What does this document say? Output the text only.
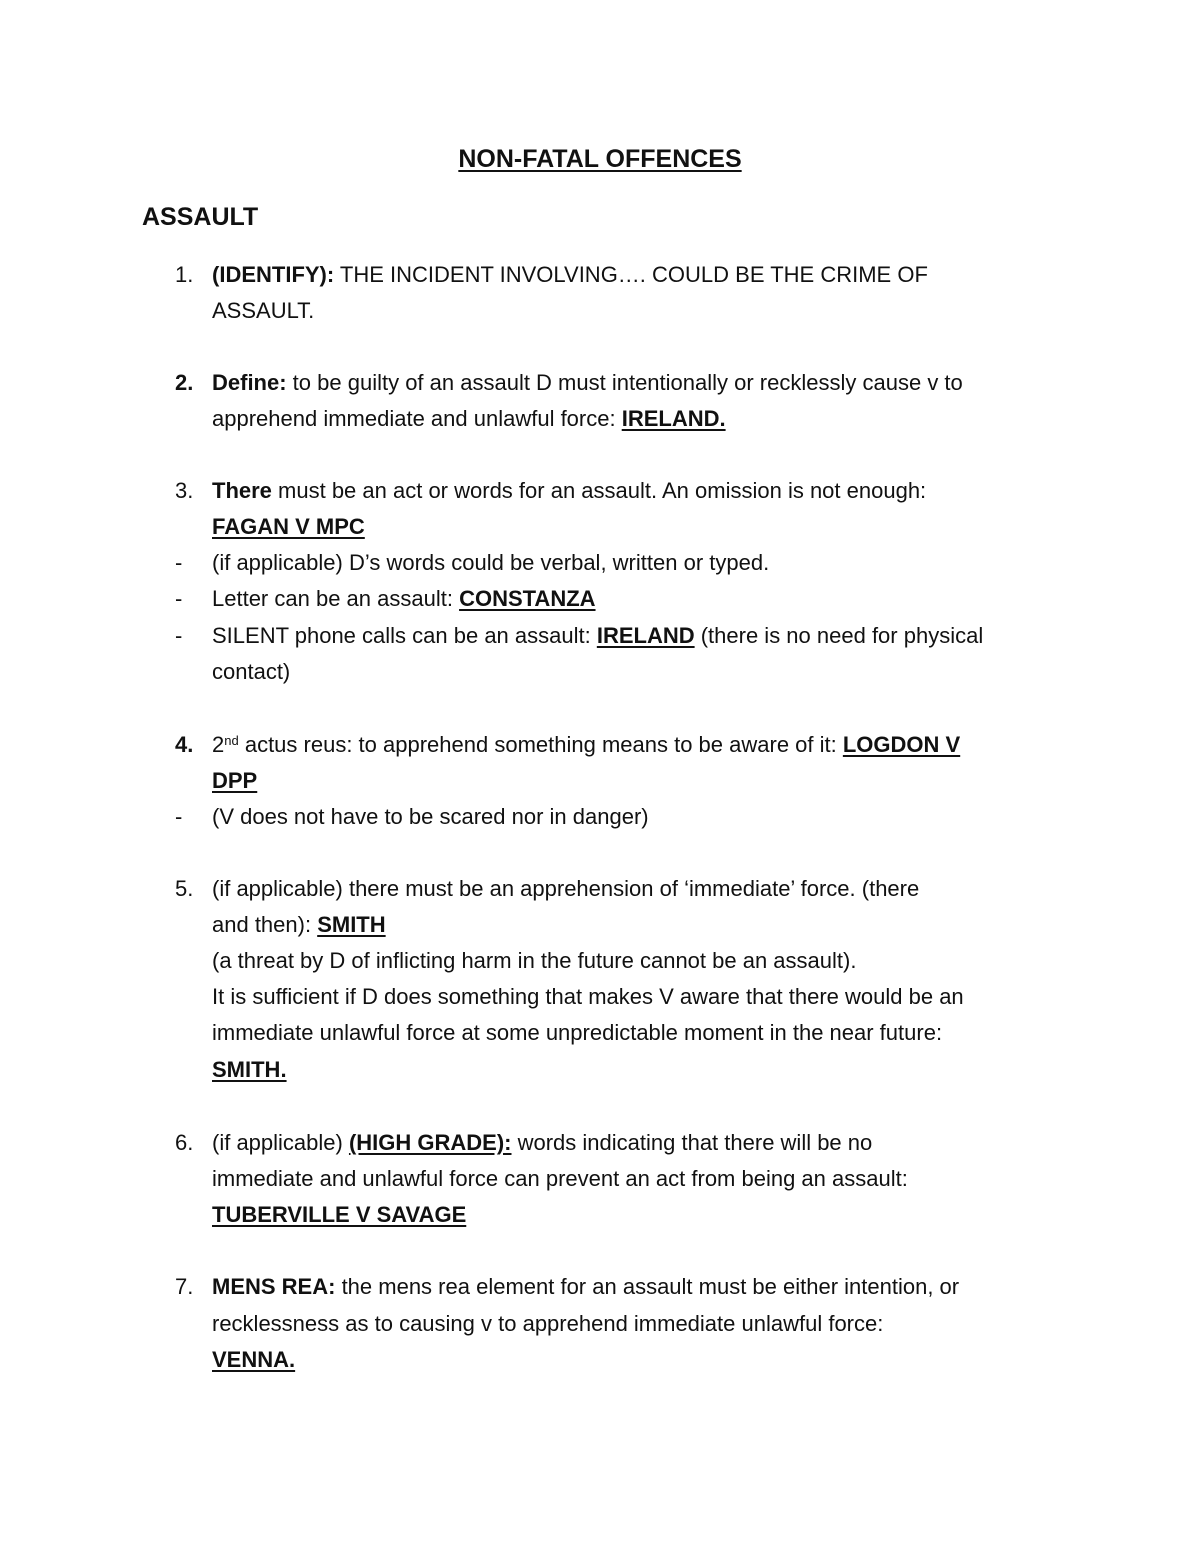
NON-FATAL OFFENCES
ASSAULT
1. (IDENTIFY): THE INCIDENT INVOLVING…. COULD BE THE CRIME OF
ASSAULT.
2. Define: to be guilty of an assault D must intentionally or recklessly cause v to
apprehend immediate and unlawful force: IRELAND.
3. There must be an act or words for an assault. An omission is not enough:
FAGAN V MPC
- (if applicable) D’s words could be verbal, written or typed.
- Letter can be an assault: CONSTANZA
- SILENT phone calls can be an assault: IRELAND (there is no need for physical
contact)
4. 2nd actus reus: to apprehend something means to be aware of it: LOGDON V
DPP
- (V does not have to be scared nor in danger)
5. (if applicable) there must be an apprehension of ‘immediate’ force. (there
and then): SMITH
(a threat by D of inflicting harm in the future cannot be an assault).
It is sufficient if D does something that makes V aware that there would be an
immediate unlawful force at some unpredictable moment in the near future:
SMITH.
6. (if applicable) (HIGH GRADE): words indicating that there will be no
immediate and unlawful force can prevent an act from being an assault:
TUBERVILLE V SAVAGE
7. MENS REA: the mens rea element for an assault must be either intention, or
recklessness as to causing v to apprehend immediate unlawful force:
VENNA.
